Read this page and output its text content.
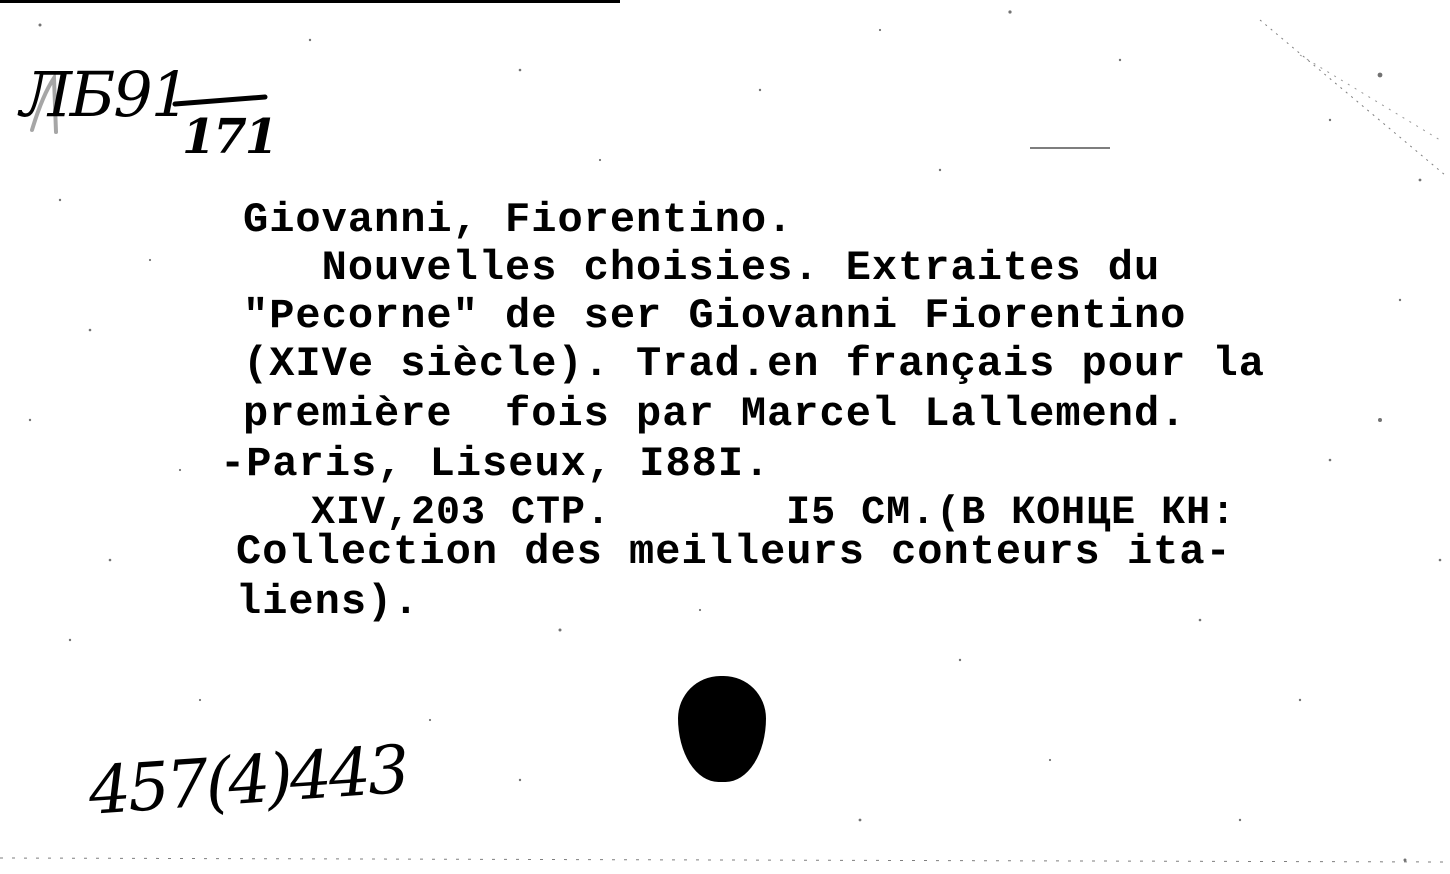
ЛБ91
171
Giovanni, Fiorentino.
Nouvelles choisies. Extraites du
"Pecorne" de ser Giovanni Fiorentino
(XIVe siècle). Trad.en français pour la
première  fois par Marcel Lallemend.
-Paris, Liseux, I88I.
XIV,203 СТР.       I5 СМ.(В КОНЦЕ КН:
Collection des meilleurs conteurs ita-
liens).
457(4)443
